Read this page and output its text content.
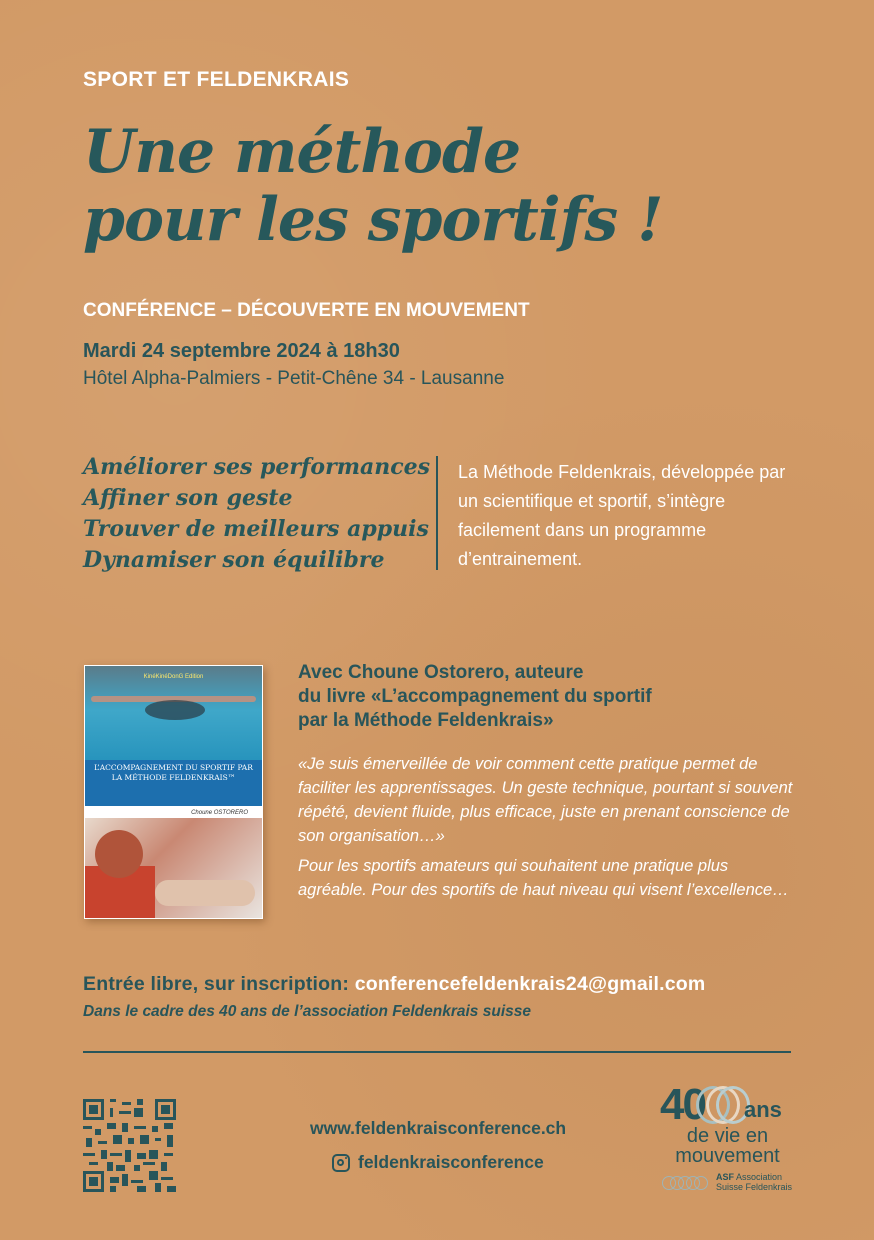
SPORT ET FELDENKRAIS
Une méthode
pour les sportifs !
CONFÉRENCE – DÉCOUVERTE EN MOUVEMENT
Mardi 24 septembre 2024 à 18h30
Hôtel Alpha-Palmiers - Petit-Chêne 34 - Lausanne
Améliorer ses performances
Affiner son geste
Trouver de meilleurs appuis
Dynamiser son équilibre
La Méthode Feldenkrais, développée par un scientifique et sportif, s’intègre facilement dans un programme d’entrainement.
KinéKinéDonG Edition
L’ACCOMPAGNEMENT DU SPORTIF PAR LA MÉTHODE FELDENKRAIS™
Choune OSTORERO
Avec Choune Ostorero, auteure
du livre «L’accompagnement du sportif
par la Méthode Feldenkrais»
«Je suis émerveillée de voir comment cette pratique permet de faciliter les apprentissages. Un geste technique, pourtant si souvent répété, devient fluide, plus efficace, juste en prenant conscience de son organisation…»
Pour les sportifs amateurs qui souhaitent une pratique plus agréable. Pour des sportifs de haut niveau qui visent l’excellence…
Entrée libre, sur inscription: conferencefeldenkrais24@gmail.com
Dans le cadre des 40 ans de l’association Feldenkrais suisse
www.feldenkraisconference.ch
feldenkraisconference
40 ans
de vie en
mouvement
ASF Association
Suisse Feldenkrais
